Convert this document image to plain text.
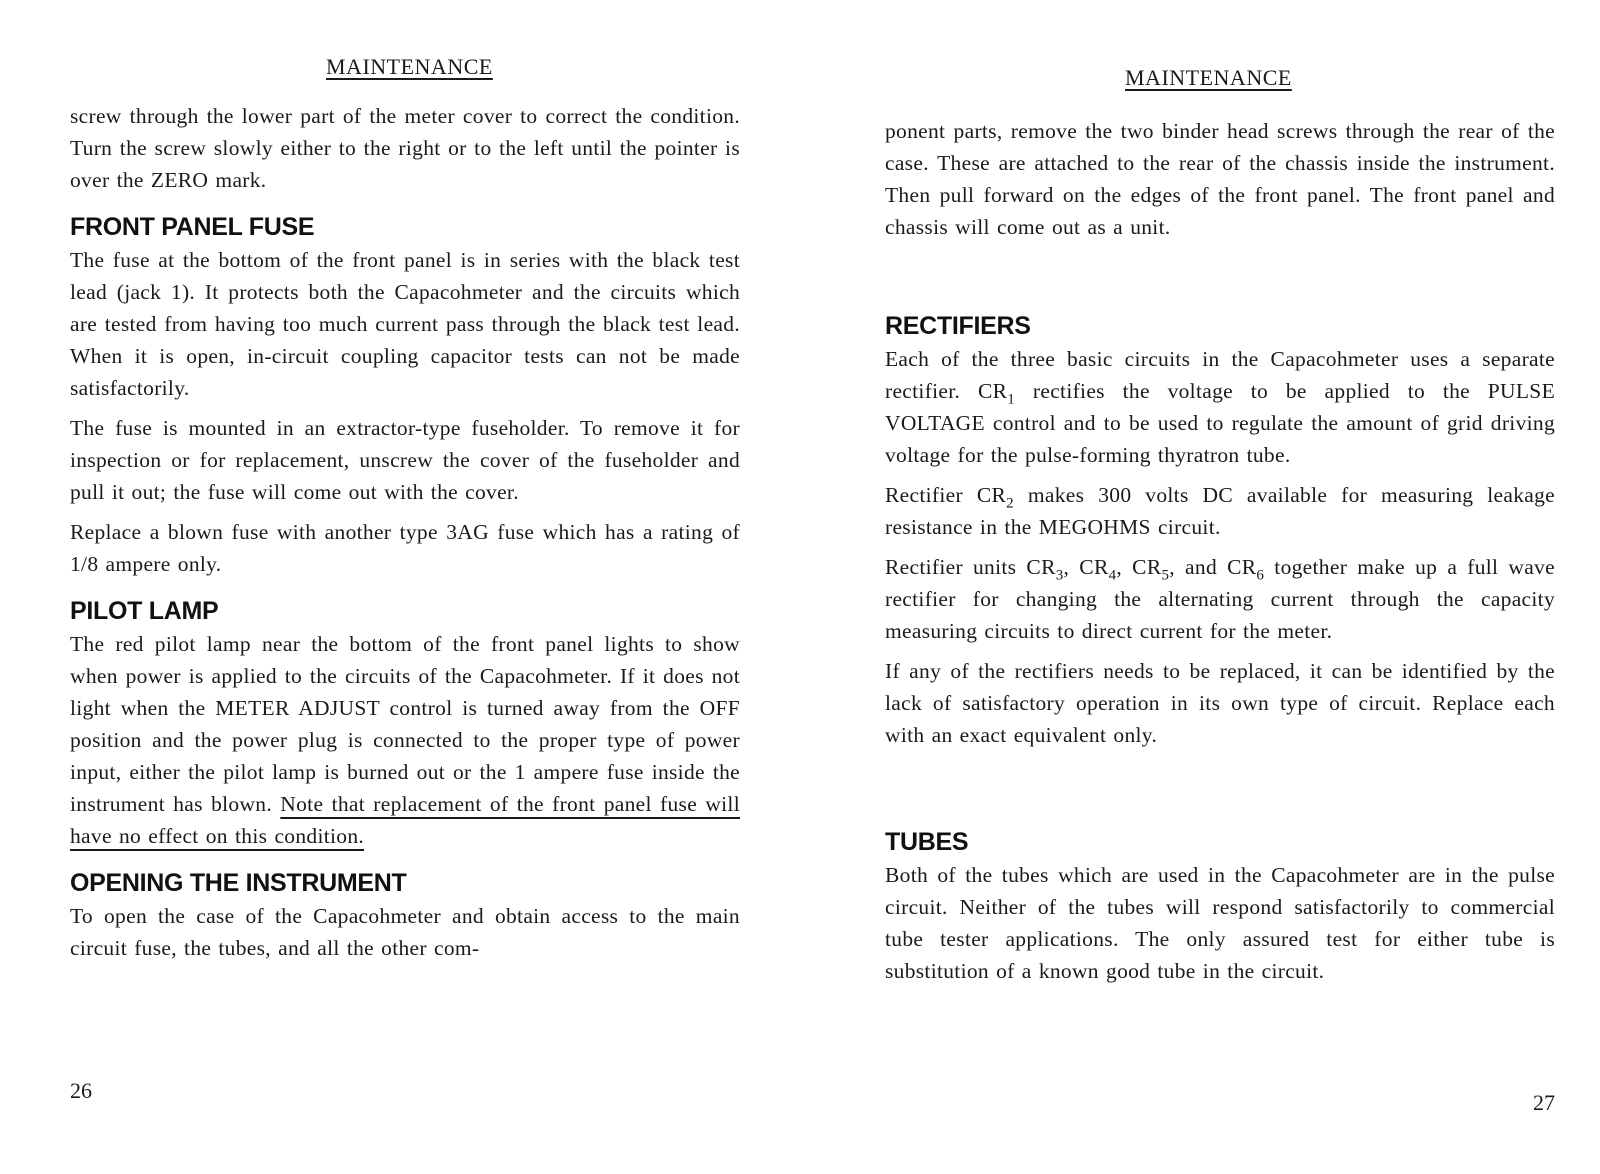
MAINTENANCE

screw through the lower part of the meter cover to correct the condition. Turn the screw slowly either to the right or to the left until the pointer is over the ZERO mark.

FRONT PANEL FUSE

The fuse at the bottom of the front panel is in series with the black test lead (jack 1). It protects both the Capacohmeter and the circuits which are tested from having too much current pass through the black test lead. When it is open, in-circuit coupling capacitor tests can not be made satisfactorily.

The fuse is mounted in an extractor-type fuseholder. To remove it for inspection or for replacement, unscrew the cover of the fuseholder and pull it out; the fuse will come out with the cover.

Replace a blown fuse with another type 3AG fuse which has a rating of 1/8 ampere only.

PILOT LAMP

The red pilot lamp near the bottom of the front panel lights to show when power is applied to the circuits of the Capacohmeter. If it does not light when the METER ADJUST control is turned away from the OFF position and the power plug is connected to the proper type of power input, either the pilot lamp is burned out or the 1 ampere fuse inside the instrument has blown. Note that replacement of the front panel fuse will have no effect on this condition.

OPENING THE INSTRUMENT

To open the case of the Capacohmeter and obtain access to the main circuit fuse, the tubes, and all the other com-

26
MAINTENANCE

ponent parts, remove the two binder head screws through the rear of the case. These are attached to the rear of the chassis inside the instrument. Then pull forward on the edges of the front panel. The front panel and chassis will come out as a unit.

RECTIFIERS

Each of the three basic circuits in the Capacohmeter uses a separate rectifier. $CR_1$ rectifies the voltage to be applied to the PULSE VOLTAGE control and to be used to regulate the amount of grid driving voltage for the pulse-forming thyratron tube.

Rectifier $CR_2$ makes 300 volts DC available for measuring leakage resistance in the MEGOHMS circuit.

Rectifier units $CR_3$, $CR_4$, $CR_5$, and $CR_6$ together make up a full wave rectifier for changing the alternating current through the capacity measuring circuits to direct current for the meter.

If any of the rectifiers needs to be replaced, it can be identified by the lack of satisfactory operation in its own type of circuit. Replace each with an exact equivalent only.

TUBES

Both of the tubes which are used in the Capacohmeter are in the pulse circuit. Neither of the tubes will respond satisfactorily to commercial tube tester applications. The only assured test for either tube is substitution of a known good tube in the circuit.

27
